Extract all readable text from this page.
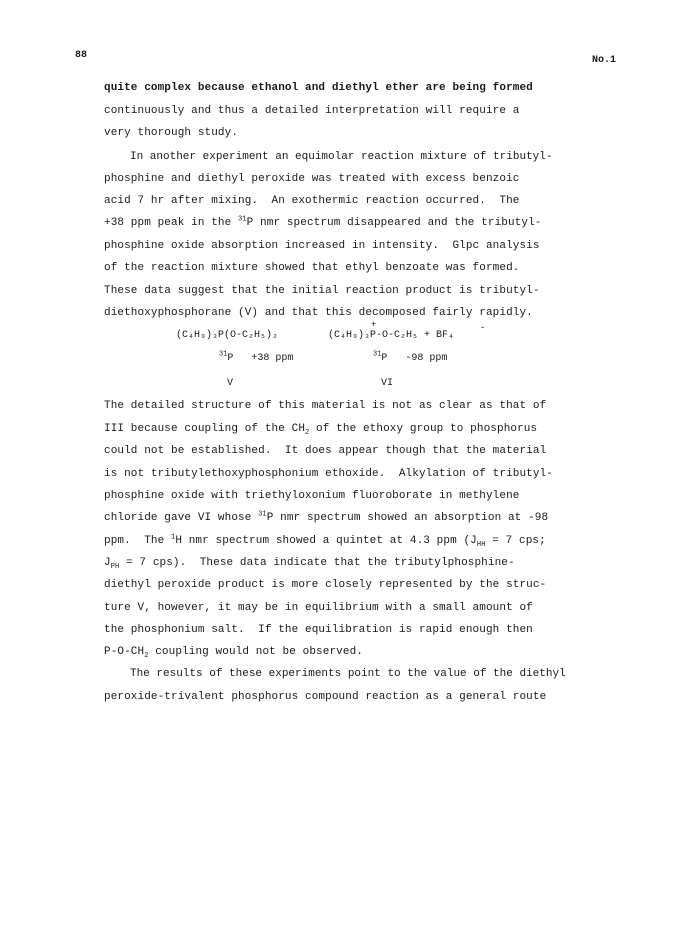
88	No.1
quite complex because ethanol and diethyl ether are being formed
continuously and thus a detailed interpretation will require a
very thorough study.
In another experiment an equimolar reaction mixture of tributyl-
phosphine and diethyl peroxide was treated with excess benzoic
acid 7 hr after mixing.  An exothermic reaction occurred.  The
+38 ppm peak in the $^{31}$P nmr spectrum disappeared and the tributyl-
phosphine oxide absorption increased in intensity.  Glpc analysis
of the reaction mixture showed that ethyl benzoate was formed.
These data suggest that the initial reaction product is tributyl-
diethoxyphosphorane (V) and that this decomposed fairly rapidly.
(C₄H₉)₃P(O-C₂H₅)₂
+
(C₄H₉)₃P-O-C₂H₅ + BF₄
-
$^{31}$P   +38 ppm	$^{31}$P   -98 ppm
V	VI
The detailed structure of this material is not as clear as that of
III because coupling of the $CH_2$ of the ethoxy group to phosphorus
could not be established.  It does appear though that the material
is not tributylethoxyphosphonium ethoxide.  Alkylation of tributyl-
phosphine oxide with triethyloxonium fluoroborate in methylene
chloride gave VI whose $^{31}$P nmr spectrum showed an absorption at -98
ppm.  The $^1$H nmr spectrum showed a quintet at 4.3 ppm ($J_{HH} = 7$ cps;
$J_{PH} = 7$ cps).  These data indicate that the tributylphosphine-
diethyl peroxide product is more closely represented by the struc-
ture V, however, it may be in equilibrium with a small amount of
the phosphonium salt.  If the equilibration is rapid enough then
$P-O-CH_2$ coupling would not be observed.
The results of these experiments point to the value of the diethyl
peroxide-trivalent phosphorus compound reaction as a general route
